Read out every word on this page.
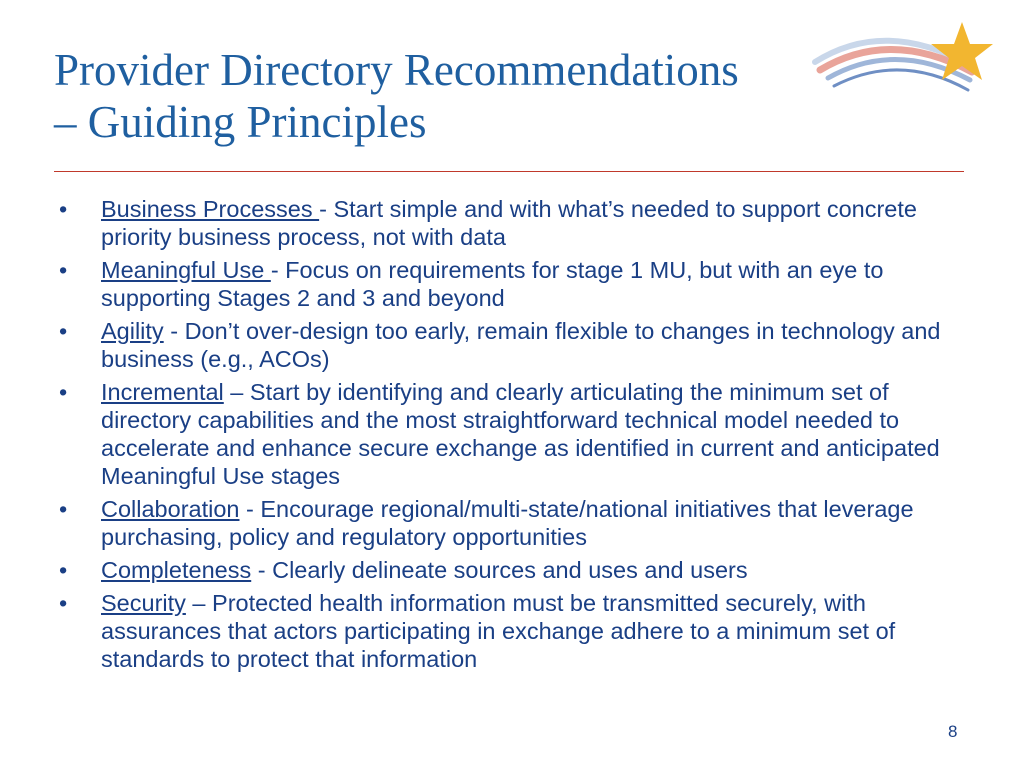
Provider Directory Recommendations
– Guiding Principles
• Business Processes - Start simple and with what’s needed to support concrete priority business process, not with data
• Meaningful Use - Focus on requirements for stage 1 MU, but with an eye to supporting Stages 2 and 3 and beyond
• Agility - Don’t over-design too early, remain flexible to changes in technology and business (e.g., ACOs)
• Incremental – Start by identifying and clearly articulating the minimum set of directory capabilities and the most straightforward technical model needed to accelerate and enhance secure exchange as identified in current and anticipated Meaningful Use stages
• Collaboration - Encourage regional/multi-state/national initiatives that leverage purchasing, policy and regulatory opportunities
• Completeness - Clearly delineate sources and uses and users
• Security – Protected health information must be transmitted securely, with assurances that actors participating in exchange adhere to a minimum set of standards to protect that information
8
